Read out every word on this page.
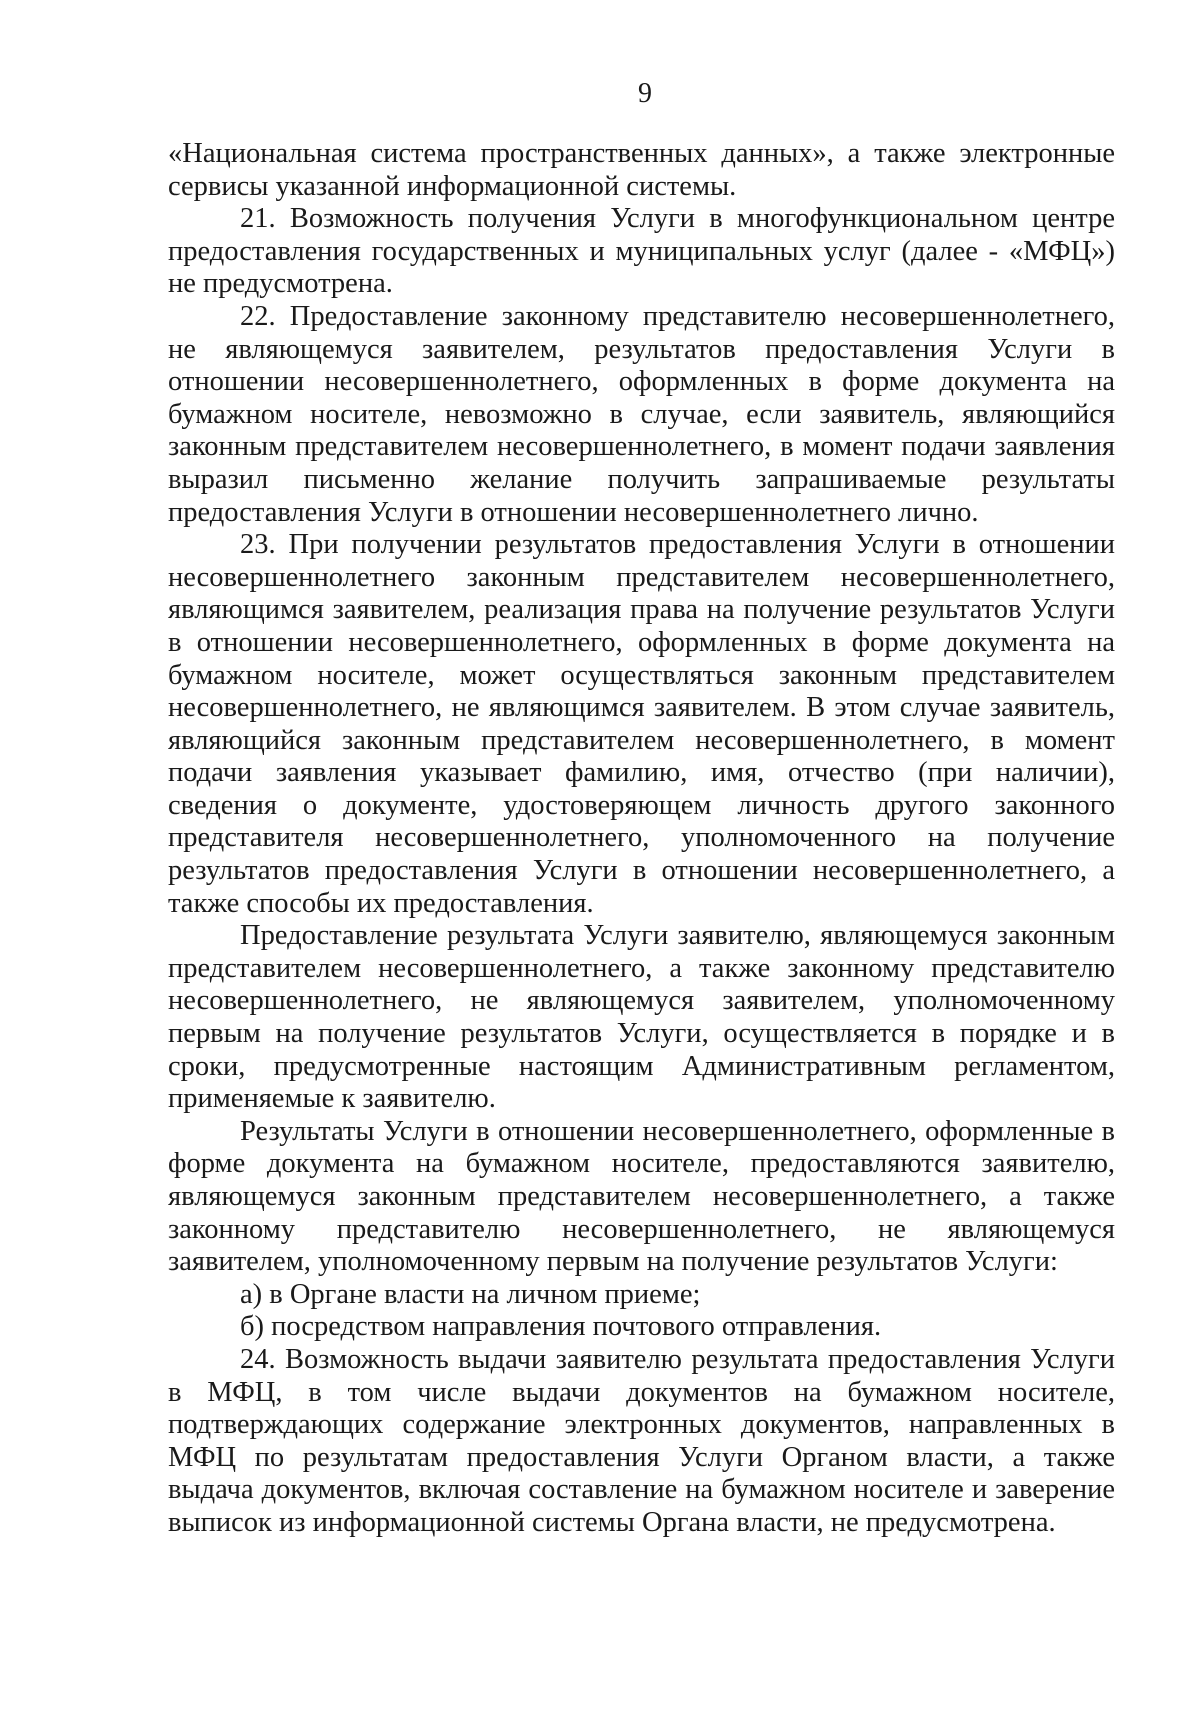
9

«Национальная система пространственных данных», а также электронные сервисы указанной информационной системы.

21. Возможность получения Услуги в многофункциональном центре предоставления государственных и муниципальных услуг (далее - «МФЦ») не предусмотрена.

22. Предоставление законному представителю несовершеннолетнего, не являющемуся заявителем, результатов предоставления Услуги в отношении несовершеннолетнего, оформленных в форме документа на бумажном носителе, невозможно в случае, если заявитель, являющийся законным представителем несовершеннолетнего, в момент подачи заявления выразил письменно желание получить запрашиваемые результаты предоставления Услуги в отношении несовершеннолетнего лично.

23. При получении результатов предоставления Услуги в отношении несовершеннолетнего законным представителем несовершеннолетнего, являющимся заявителем, реализация права на получение результатов Услуги в отношении несовершеннолетнего, оформленных в форме документа на бумажном носителе, может осуществляться законным представителем несовершеннолетнего, не являющимся заявителем. В этом случае заявитель, являющийся законным представителем несовершеннолетнего, в момент подачи заявления указывает фамилию, имя, отчество (при наличии), сведения о документе, удостоверяющем личность другого законного представителя несовершеннолетнего, уполномоченного на получение результатов предоставления Услуги в отношении несовершеннолетнего, а также способы их предоставления.

Предоставление результата Услуги заявителю, являющемуся законным представителем несовершеннолетнего, а также законному представителю несовершеннолетнего, не являющемуся заявителем, уполномоченному первым на получение результатов Услуги, осуществляется в порядке и в сроки, предусмотренные настоящим Административным регламентом, применяемые к заявителю.

Результаты Услуги в отношении несовершеннолетнего, оформленные в форме документа на бумажном носителе, предоставляются заявителю, являющемуся законным представителем несовершеннолетнего, а также законному представителю несовершеннолетнего, не являющемуся заявителем, уполномоченному первым на получение результатов Услуги:

а) в Органе власти на личном приеме;

б) посредством направления почтового отправления.

24. Возможность выдачи заявителю результата предоставления Услуги в МФЦ, в том числе выдачи документов на бумажном носителе, подтверждающих содержание электронных документов, направленных в МФЦ по результатам предоставления Услуги Органом власти, а также выдача документов, включая составление на бумажном носителе и заверение выписок из информационной системы Органа власти, не предусмотрена.
